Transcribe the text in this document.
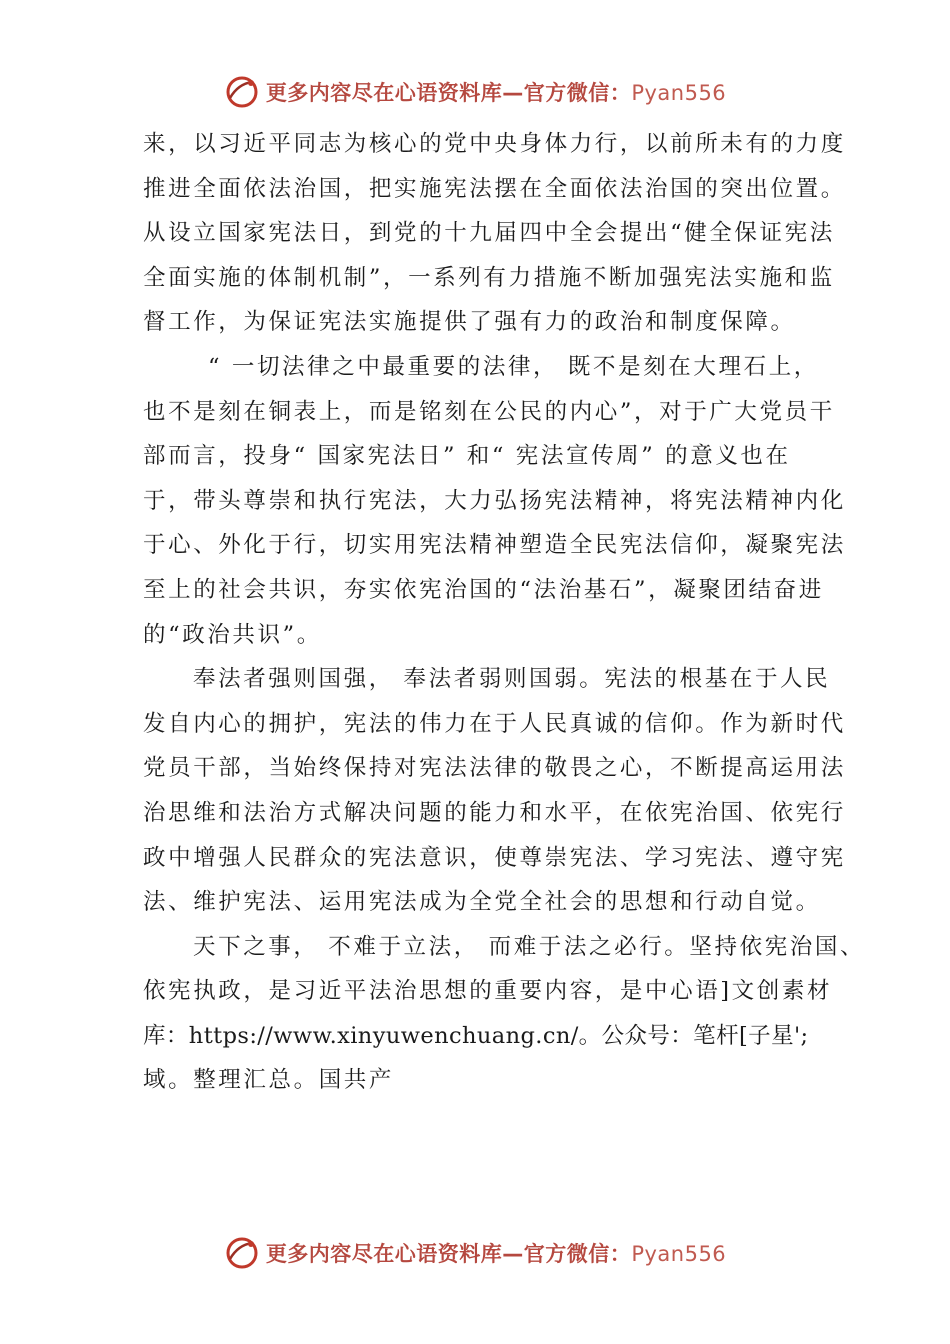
更多内容尽在心语资料库—官方微信：Pyan556
来，以习近平同志为核心的党中央身体力行，以前所未有的力度
推进全面依法治国，把实施宪法摆在全面依法治国的突出位置。
从设立国家宪法日，到党的十九届四中全会提出“健全保证宪法
全面实施的体制机制”，一系列有力措施不断加强宪法实施和监
督工作，为保证宪法实施提供了强有力的政治和制度保障。
“ 一切法律之中最重要的法律， 既不是刻在大理石上，
也不是刻在铜表上，而是铭刻在公民的内心”，对于广大党员干
部而言，投身“ 国家宪法日” 和“ 宪法宣传周” 的意义也在
于，带头尊崇和执行宪法，大力弘扬宪法精神，将宪法精神内化
于心、外化于行，切实用宪法精神塑造全民宪法信仰，凝聚宪法
至上的社会共识，夯实依宪治国的“法治基石”，凝聚团结奋进
的“政治共识”。
奉法者强则国强， 奉法者弱则国弱。宪法的根基在于人民
发自内心的拥护，宪法的伟力在于人民真诚的信仰。作为新时代
党员干部，当始终保持对宪法法律的敬畏之心，不断提高运用法
治思维和法治方式解决问题的能力和水平，在依宪治国、依宪行
政中增强人民群众的宪法意识，使尊崇宪法、学习宪法、遵守宪
法、维护宪法、运用宪法成为全党全社会的思想和行动自觉。
天下之事， 不难于立法， 而难于法之必行。坚持依宪治国、
依宪执政，是习近平法治思想的重要内容，是中心语]文创素材
库：https://www.xinyuwenchuang.cn/。公众号：笔杆[子星';
域。整理汇总。国共产
更多内容尽在心语资料库—官方微信：Pyan556
